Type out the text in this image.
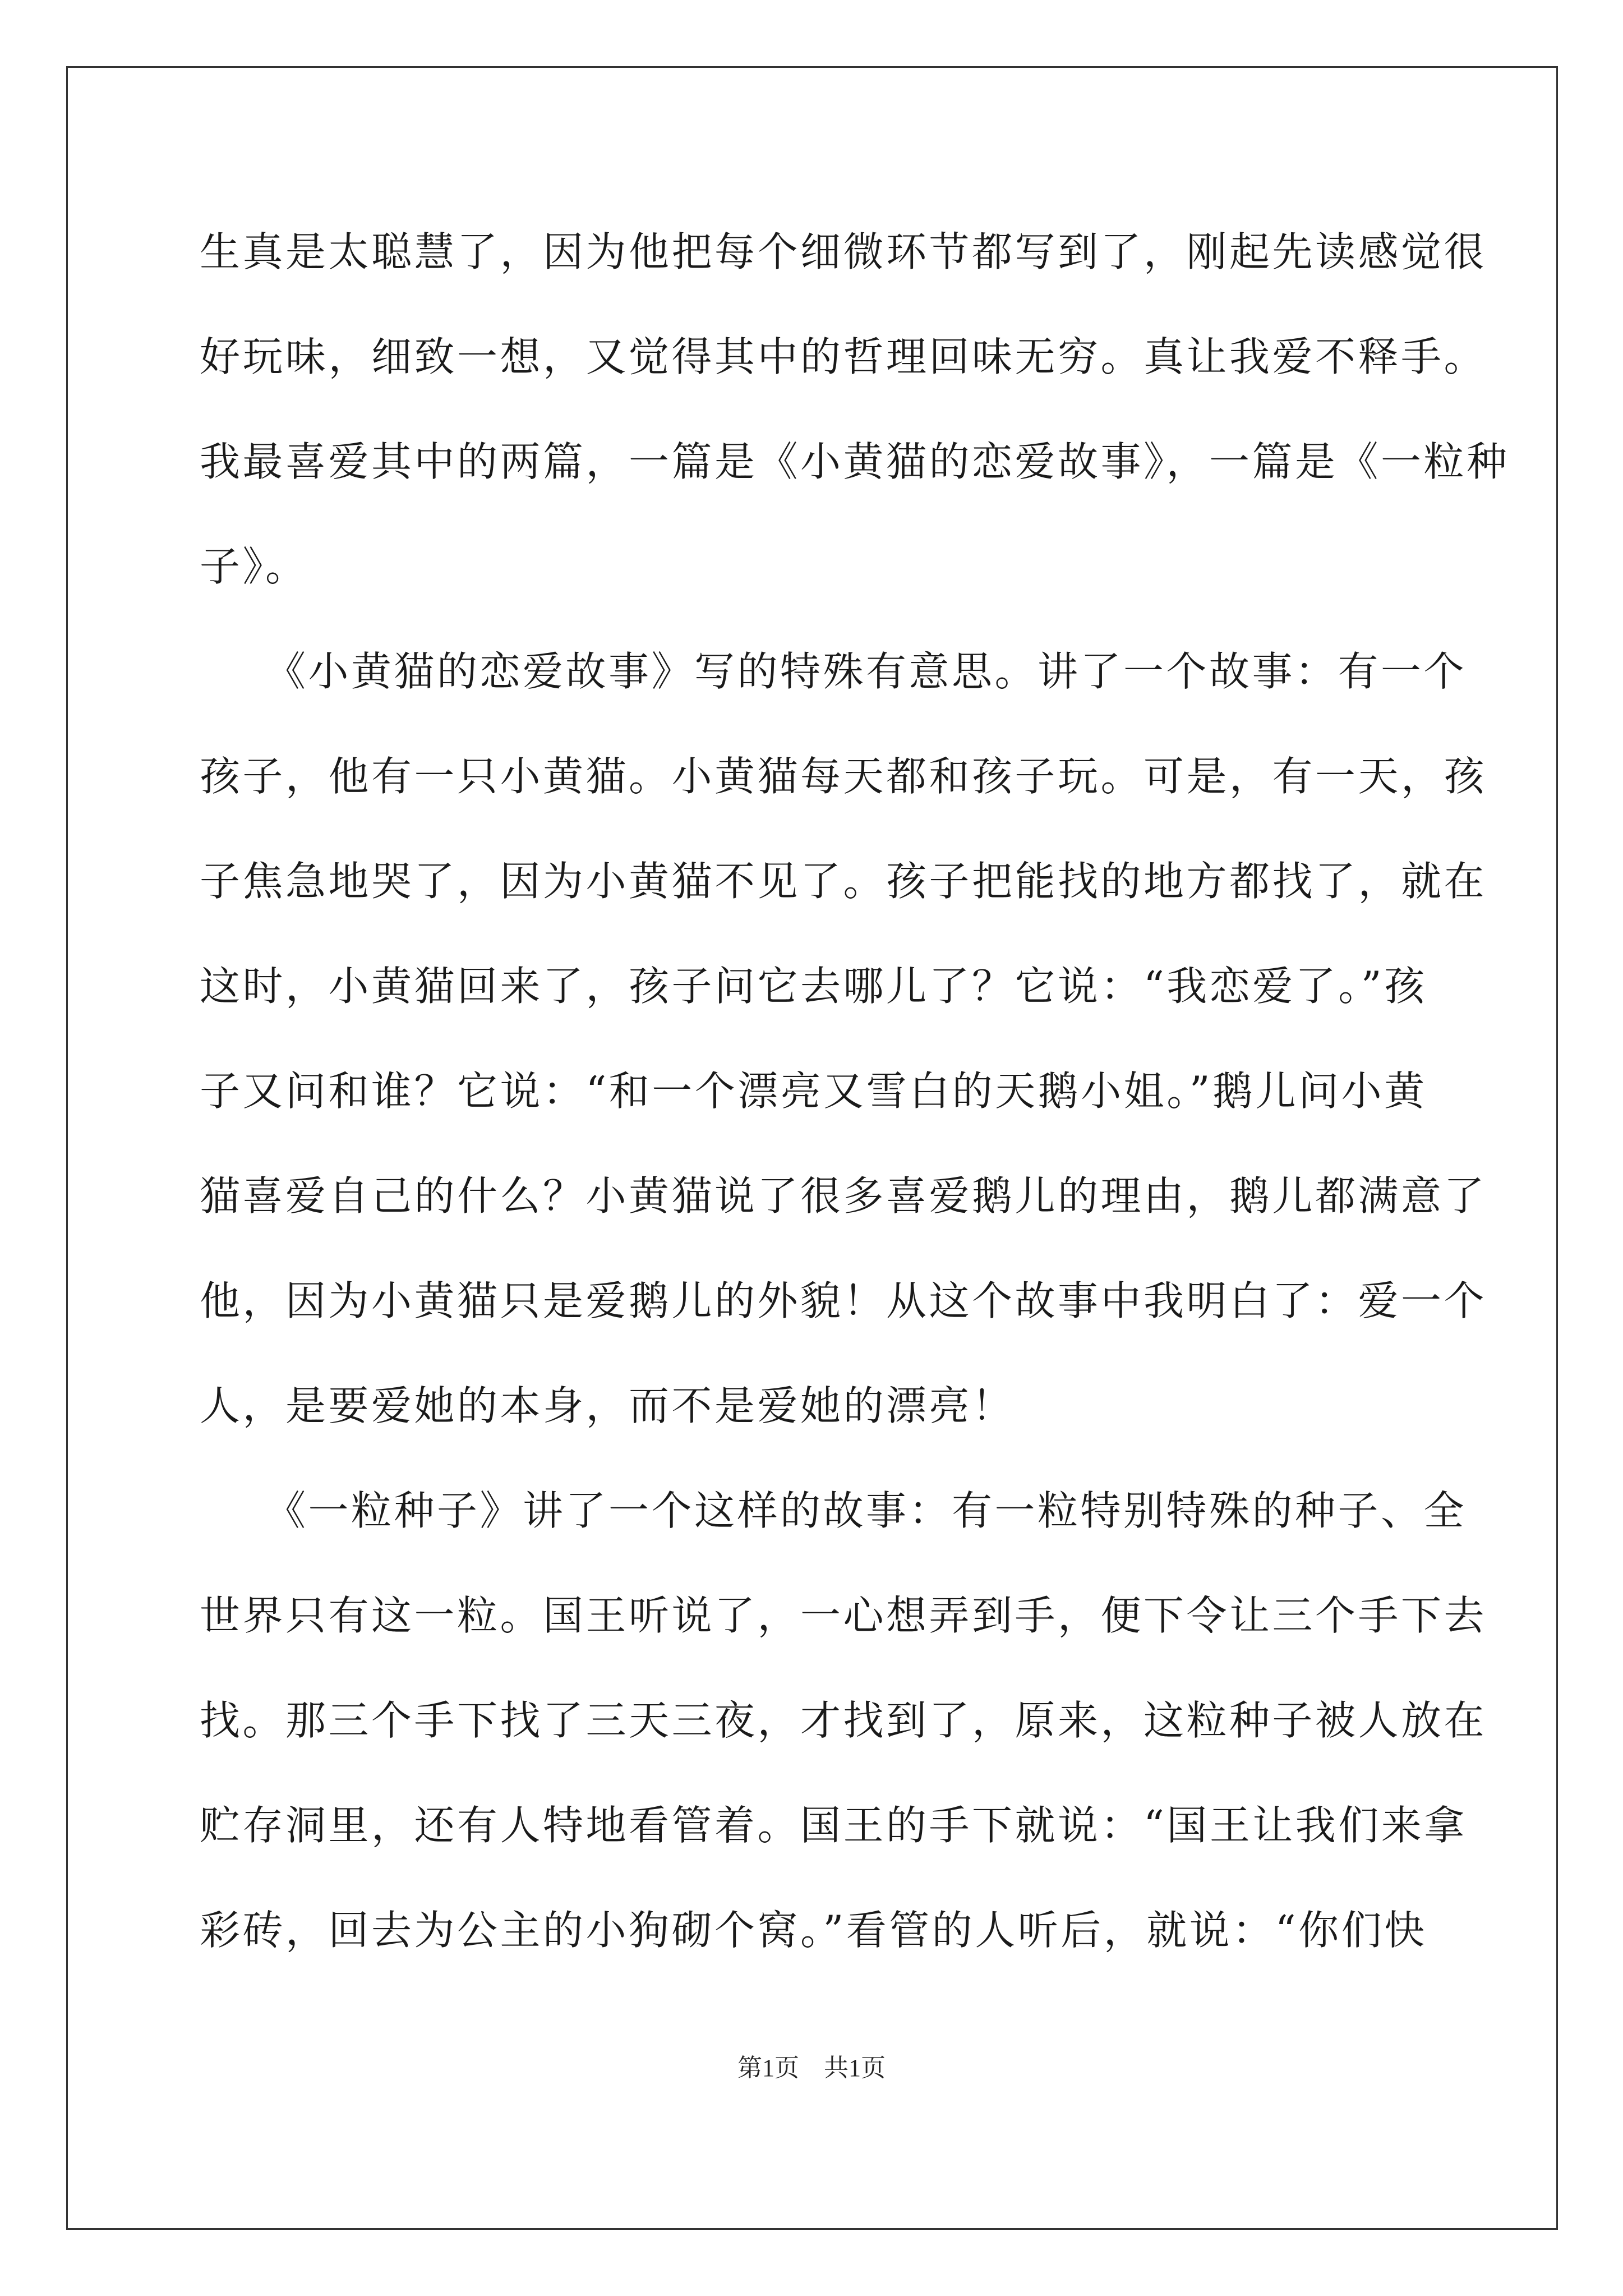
生真是太聪慧了，因为他把每个细微环节都写到了，刚起先读感觉很
好玩味，细致一想，又觉得其中的哲理回味无穷。真让我爱不释手。
我最喜爱其中的两篇，一篇是《小黄猫的恋爱故事》，一篇是《一粒种
子》。
　　《小黄猫的恋爱故事》写的特殊有意思。讲了一个故事：有一个
孩子，他有一只小黄猫。小黄猫每天都和孩子玩。可是，有一天，孩
子焦急地哭了，因为小黄猫不见了。孩子把能找的地方都找了，就在
这时，小黄猫回来了，孩子问它去哪儿了？它说：“我恋爱了。”孩
子又问和谁？它说：“和一个漂亮又雪白的天鹅小姐。”鹅儿问小黄
猫喜爱自己的什么？小黄猫说了很多喜爱鹅儿的理由，鹅儿都满意了
他，因为小黄猫只是爱鹅儿的外貌！从这个故事中我明白了：爱一个
人，是要爱她的本身，而不是爱她的漂亮！
　　《一粒种子》讲了一个这样的故事：有一粒特别特殊的种子、全
世界只有这一粒。国王听说了，一心想弄到手，便下令让三个手下去
找。那三个手下找了三天三夜，才找到了，原来，这粒种子被人放在
贮存洞里，还有人特地看管着。国王的手下就说：“国王让我们来拿
彩砖，回去为公主的小狗砌个窝。”看管的人听后，就说：“你们快
第1页　共1页
